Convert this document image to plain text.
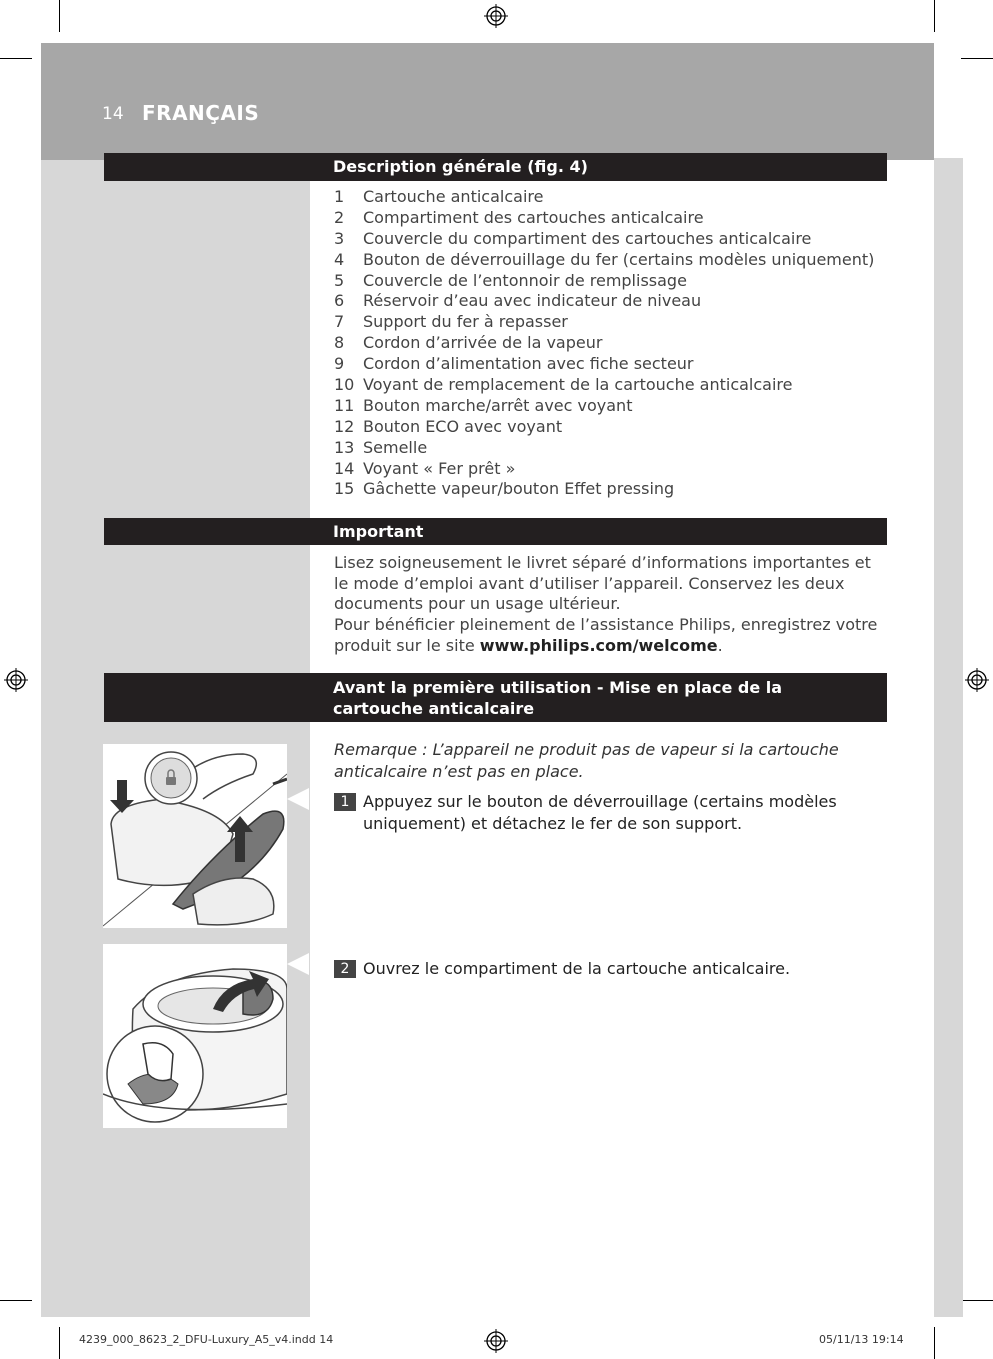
14 FRANÇAIS
Description générale (fig. 4)
1 Cartouche anticalcaire
2 Compartiment des cartouches anticalcaire
3 Couvercle du compartiment des cartouches anticalcaire
4 Bouton de déverrouillage du fer (certains modèles uniquement)
5 Couvercle de l’entonnoir de remplissage
6 Réservoir d’eau avec indicateur de niveau
7 Support du fer à repasser
8 Cordon d’arrivée de la vapeur
9 Cordon d’alimentation avec fiche secteur
10 Voyant de remplacement de la cartouche anticalcaire
11 Bouton marche/arrêt avec voyant
12 Bouton ECO avec voyant
13 Semelle
14 Voyant « Fer prêt »
15 Gâchette vapeur/bouton Effet pressing
Important
Lisez soigneusement le livret séparé d’informations importantes et le mode d’emploi avant d’utiliser l’appareil. Conservez les deux documents pour un usage ultérieur.
Pour bénéficier pleinement de l’assistance Philips, enregistrez votre produit sur le site www.philips.com/welcome.
Avant la première utilisation - Mise en place de la cartouche anticalcaire
Remarque : L’appareil ne produit pas de vapeur si la cartouche anticalcaire n’est pas en place.
1 Appuyez sur le bouton de déverrouillage (certains modèles
uniquement) et détachez le fer de son support.
2 Ouvrez le compartiment de la cartouche anticalcaire.
4239_000_8623_2_DFU-Luxury_A5_v4.indd 14	05/11/13 19:14
